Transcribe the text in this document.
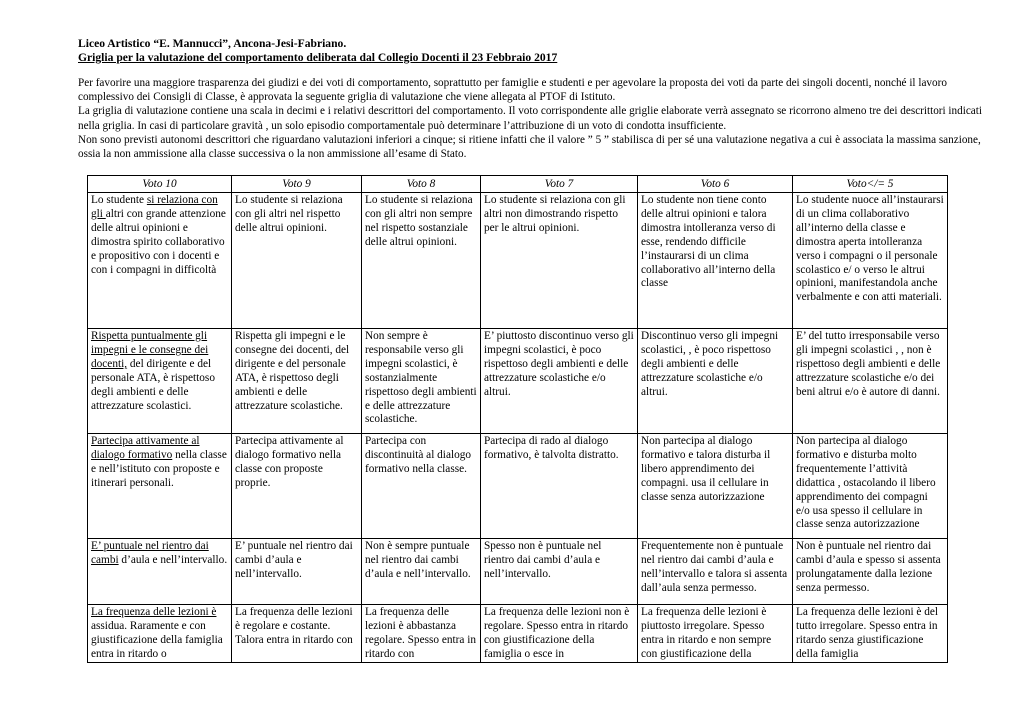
Liceo Artistico “E. Mannucci”, Ancona-Jesi-Fabriano.
Griglia per la valutazione del comportamento deliberata dal Collegio Docenti il 23 Febbraio 2017

Per favorire una maggiore trasparenza dei giudizi e dei voti di comportamento, soprattutto per famiglie e studenti e per agevolare la proposta dei voti da parte dei singoli docenti, nonché il lavoro complessivo dei Consigli di Classe, è approvata la seguente griglia di valutazione che viene allegata al PTOF di Istituto.

La griglia di valutazione contiene una scala in decimi e i relativi descrittori del comportamento. Il voto corrispondente alle griglie elaborate verrà assegnato se ricorrono almeno tre dei descrittori indicati nella griglia. In casi di particolare gravità , un solo episodio comportamentale può determinare l’attribuzione di un voto di condotta insufficiente.

Non sono previsti autonomi descrittori che riguardano valutazioni inferiori a cinque; si ritiene infatti che il valore ” 5 ” stabilisca di per sé una valutazione negativa a cui è associata la massima sanzione, ossia la non ammissione alla classe successiva o la non ammissione all’esame di Stato.

Voto 10	Voto 9	Voto 8	Voto 7	Voto 6	Voto</= 5
Lo studente si relaziona con gli altri con grande attenzione delle altrui opinioni e dimostra spirito collaborativo e propositivo con i docenti e con i compagni in difficoltà	Lo studente si relaziona con gli altri nel rispetto delle altrui opinioni.	Lo studente si relaziona con gli altri non sempre nel rispetto sostanziale delle altrui opinioni.	Lo studente si relaziona con gli altri non dimostrando rispetto per le altrui opinioni.	Lo studente non tiene conto delle altrui opinioni e talora dimostra intolleranza verso di esse, rendendo difficile l’instaurarsi di un clima collaborativo all’interno della classe	Lo studente nuoce all’instaurarsi di un clima collaborativo all’interno della classe e dimostra aperta intolleranza verso i compagni o il personale scolastico e/ o verso le altrui opinioni, manifestandola anche verbalmente e con atti materiali.
Rispetta puntualmente gli impegni e le consegne dei docenti, del dirigente e del personale ATA, è rispettoso degli ambienti e delle attrezzature scolastici.	Rispetta gli impegni e le consegne dei docenti, del dirigente e del personale ATA, è rispettoso degli ambienti e delle attrezzature scolastiche.	Non sempre è responsabile verso gli impegni scolastici, è sostanzialmente rispettoso degli ambienti e delle attrezzature scolastiche.	E’ piuttosto discontinuo verso gli impegni scolastici, è poco rispettoso degli ambienti e delle attrezzature scolastiche e/o altrui.	Discontinuo verso gli impegni scolastici, , è poco rispettoso degli ambienti e delle attrezzature scolastiche e/o altrui.	E’ del tutto irresponsabile verso gli impegni scolastici , , non è rispettoso degli ambienti e delle attrezzature scolastiche e/o dei beni altrui e/o è autore di danni.
Partecipa attivamente al dialogo formativo nella classe e nell’istituto con proposte e itinerari personali.	Partecipa attivamente al dialogo formativo nella classe con proposte proprie.	Partecipa con discontinuità al dialogo formativo nella classe.	Partecipa di rado al dialogo formativo, è talvolta distratto.	Non partecipa al dialogo formativo e talora disturba il libero apprendimento dei compagni. usa il cellulare in classe senza autorizzazione	Non partecipa al dialogo formativo e disturba molto frequentemente l’attività didattica , ostacolando il libero apprendimento dei compagni e/o usa spesso il cellulare in classe senza autorizzazione
E’ puntuale nel rientro dai cambi d’aula e nell’intervallo.	E’ puntuale nel rientro dai cambi d’aula e nell’intervallo.	Non è sempre puntuale nel rientro dai cambi d’aula e nell’intervallo.	Spesso non è puntuale nel rientro dai cambi d’aula e nell’intervallo.	Frequentemente non è puntuale nel rientro dai cambi d’aula e nell’intervallo e talora si assenta dall’aula senza permesso.	Non è puntuale nel rientro dai cambi d’aula e spesso si assenta prolungatamente dalla lezione senza permesso.
La frequenza delle lezioni è assidua. Raramente e con giustificazione della famiglia entra in ritardo o	La frequenza delle lezioni è regolare e costante. Talora entra in ritardo con	La frequenza delle lezioni è abbastanza regolare. Spesso entra in ritardo con	La frequenza delle lezioni non è regolare. Spesso entra in ritardo con giustificazione della famiglia o esce in	La frequenza delle lezioni è piuttosto irregolare. Spesso entra in ritardo e non sempre con giustificazione della	La frequenza delle lezioni è del tutto irregolare. Spesso entra in ritardo senza giustificazione della famiglia
